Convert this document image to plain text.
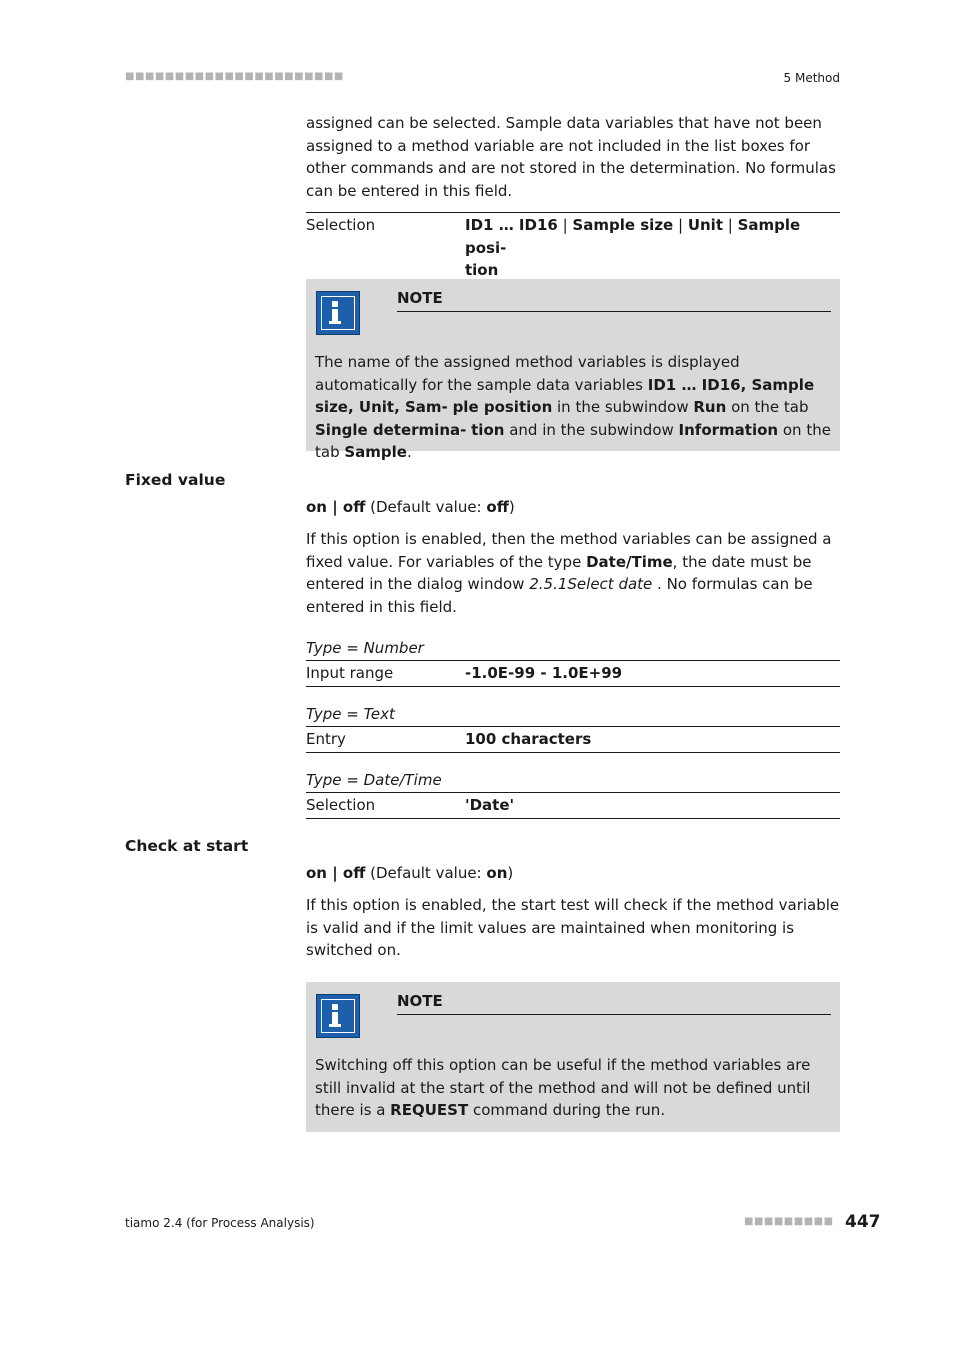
■■■■■■■■■■■■■■■■■■■■■■	5 Method

assigned can be selected. Sample data variables that have not been assigned to a method variable are not included in the list boxes for other commands and are not stored in the determination. No formulas can be entered in this field.

Selection	ID1 … ID16 | Sample size | Unit | Sample posi-
tion
NOTE

The name of the assigned method variables is displayed automatically for the sample data variables ID1 … ID16, Sample size, Unit, Sam- ple position in the subwindow Run on the tab Single determina- tion and in the subwindow Information on the tab Sample.

Fixed value

on | off (Default value: off)

If this option is enabled, then the method variables can be assigned a fixed value. For variables of the type Date/Time, the date must be entered in the dialog window 2.5.1Select date . No formulas can be entered in this field.

Type = Number
Input range	-1.0E-99 - 1.0E+99
Type = Text
Entry	100 characters
Type = Date/Time
Selection	'Date'
Check at start

on | off (Default value: on)

If this option is enabled, the start test will check if the method variable is valid and if the limit values are maintained when monitoring is switched on.

NOTE

Switching off this option can be useful if the method variables are still invalid at the start of the method and will not be defined until there is a REQUEST command during the run.

tiamo 2.4 (for Process Analysis)	■■■■■■■■■ 447
